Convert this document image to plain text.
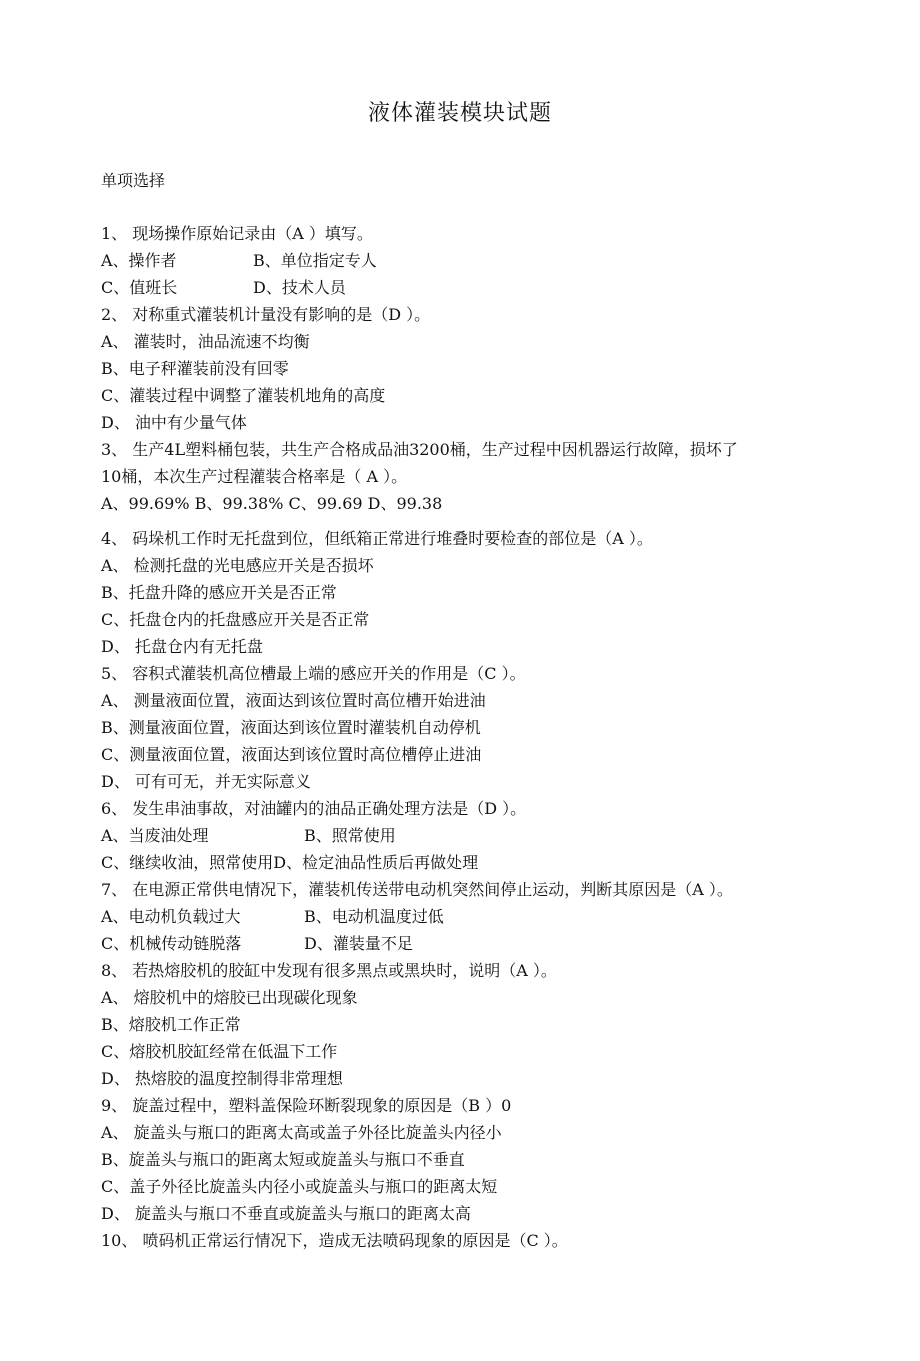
液体灌装模块试题
单项选择
1、 现场操作原始记录由（A ）填写。
A、操作者	B、单位指定专人
C、值班长	D、技术人员
2、 对称重式灌装机计量没有影响的是（D ）。
A、 灌装时，油品流速不均衡
B、电子秤灌装前没有回零
C、灌装过程中调整了灌装机地角的高度
D、 油中有少量气体
3、 生产4L塑料桶包装，共生产合格成品油3200桶，生产过程中因机器运行故障，损坏了
10桶，本次生产过程灌装合格率是（ A ）。
A、99.69% B、99.38% C、99.69 D、99.38
4、 码垛机工作时无托盘到位，但纸箱正常进行堆叠时要检查的部位是（A ）。
A、 检测托盘的光电感应开关是否损坏
B、托盘升降的感应开关是否正常
C、托盘仓内的托盘感应开关是否正常
D、 托盘仓内有无托盘
5、 容积式灌装机高位槽最上端的感应开关的作用是（C ）。
A、 测量液面位置，液面达到该位置时高位槽开始进油
B、测量液面位置，液面达到该位置时灌装机自动停机
C、测量液面位置，液面达到该位置时高位槽停止进油
D、 可有可无，并无实际意义
6、 发生串油事故，对油罐内的油品正确处理方法是（D ）。
A、当废油处理	B、照常使用
C、继续收油，照常使用D、检定油品性质后再做处理
7、 在电源正常供电情况下，灌装机传送带电动机突然间停止运动，判断其原因是（A ）。
A、电动机负载过大	B、电动机温度过低
C、机械传动链脱落	D、灌装量不足
8、 若热熔胶机的胶缸中发现有很多黑点或黑块时，说明（A ）。
A、 熔胶机中的熔胶已出现碳化现象
B、熔胶机工作正常
C、熔胶机胶缸经常在低温下工作
D、 热熔胶的温度控制得非常理想
9、 旋盖过程中，塑料盖保险环断裂现象的原因是（B ）0
A、 旋盖头与瓶口的距离太高或盖子外径比旋盖头内径小
B、旋盖头与瓶口的距离太短或旋盖头与瓶口不垂直
C、盖子外径比旋盖头内径小或旋盖头与瓶口的距离太短
D、 旋盖头与瓶口不垂直或旋盖头与瓶口的距离太高
10、 喷码机正常运行情况下，造成无法喷码现象的原因是（C ）。
